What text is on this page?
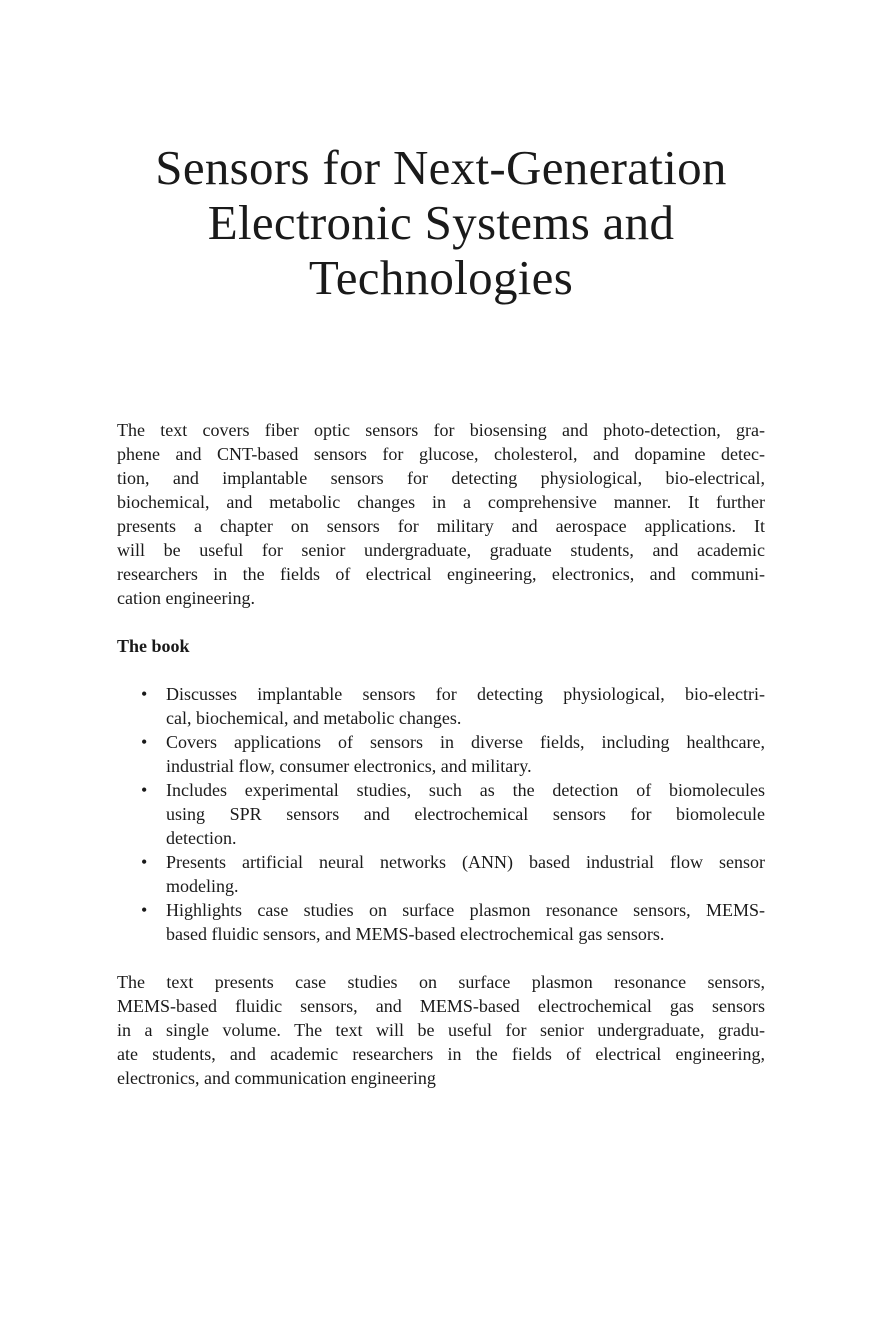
Sensors for Next-Generation
Electronic Systems and
Technologies

The text covers fiber optic sensors for biosensing and photo-detection, gra-
phene and CNT-based sensors for glucose, cholesterol, and dopamine detec-
tion, and implantable sensors for detecting physiological, bio-electrical,
biochemical, and metabolic changes in a comprehensive manner. It further
presents a chapter on sensors for military and aerospace applications. It
will be useful for senior undergraduate, graduate students, and academic
researchers in the fields of electrical engineering, electronics, and communi-
cation engineering.

The book

• Discusses implantable sensors for detecting physiological, bio-electri-
cal, biochemical, and metabolic changes.
• Covers applications of sensors in diverse fields, including healthcare,
industrial flow, consumer electronics, and military.
• Includes experimental studies, such as the detection of biomolecules
using SPR sensors and electrochemical sensors for biomolecule
detection.
• Presents artificial neural networks (ANN) based industrial flow sensor
modeling.
• Highlights case studies on surface plasmon resonance sensors, MEMS-
based fluidic sensors, and MEMS-based electrochemical gas sensors.

The text presents case studies on surface plasmon resonance sensors,
MEMS-based fluidic sensors, and MEMS-based electrochemical gas sensors
in a single volume. The text will be useful for senior undergraduate, gradu-
ate students, and academic researchers in the fields of electrical engineering,
electronics, and communication engineering
